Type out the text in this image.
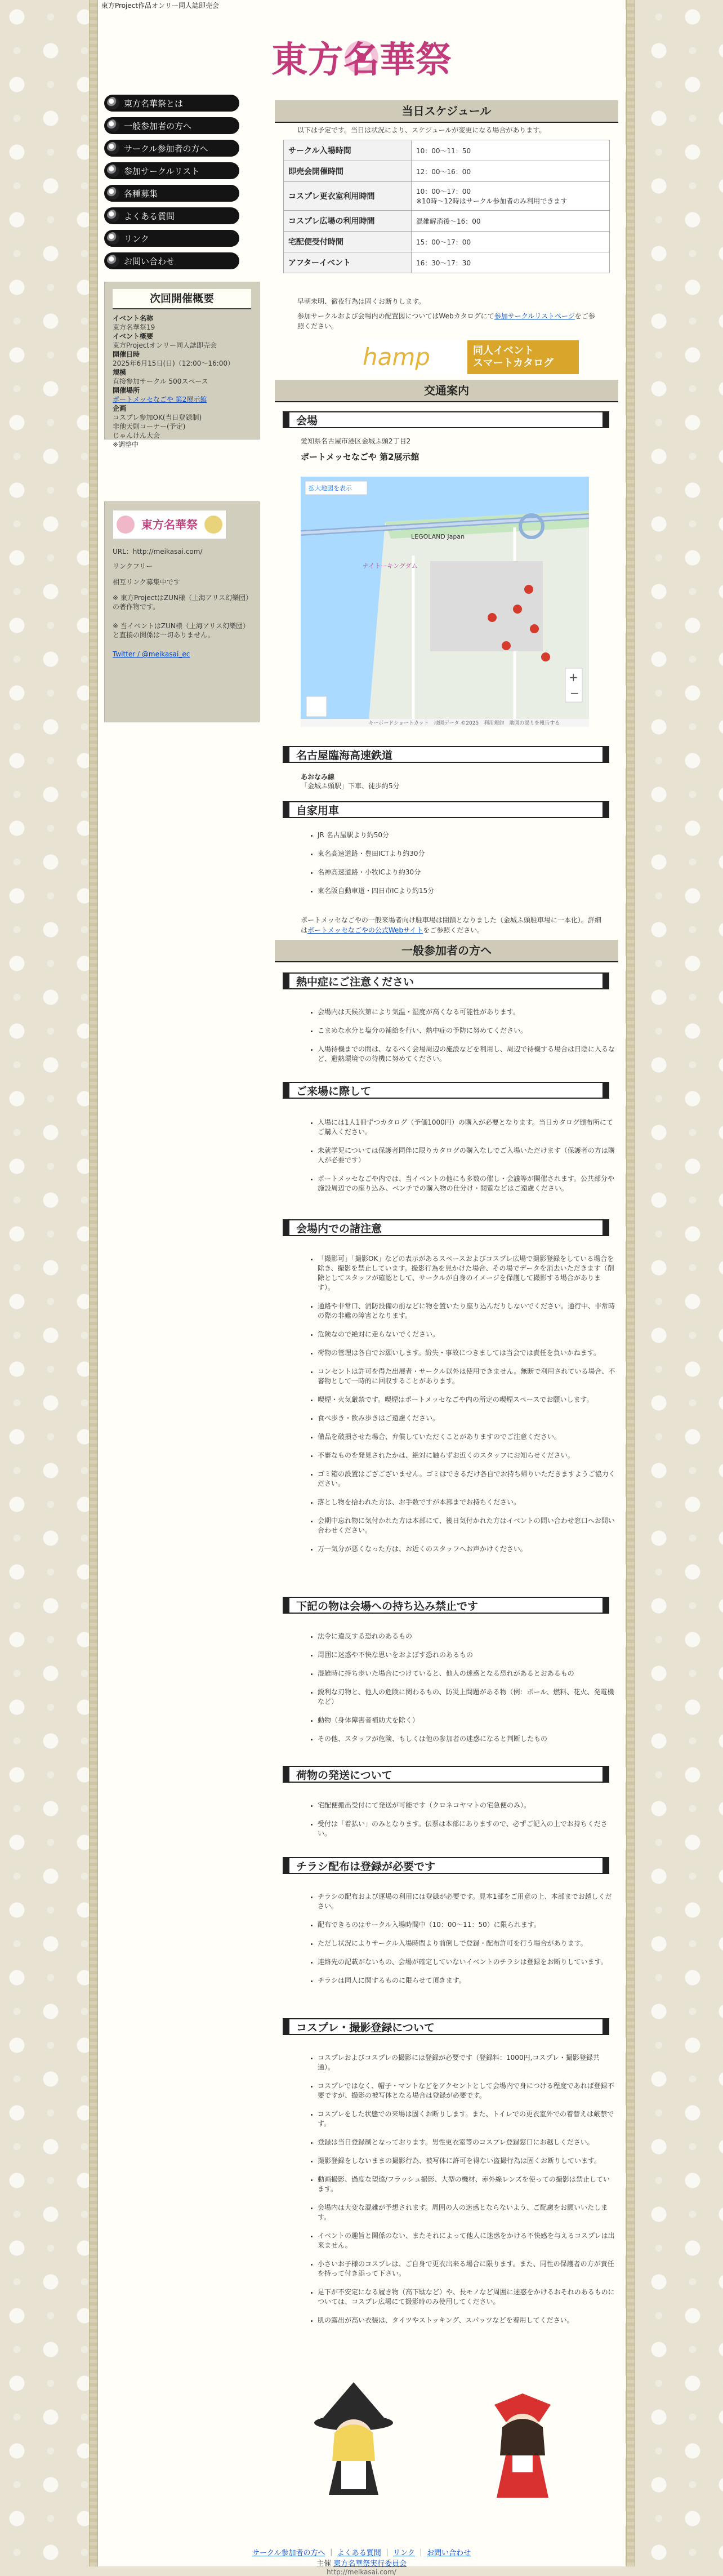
東方Project作品オンリー同人誌即売会
東方名華祭
東方名華祭とは
一般参加者の方へ
サークル参加者の方へ
参加サークルリスト
各種募集
よくある質問
リンク
お問い合わせ
次回開催概要
イベント名称
東方名華祭19
イベント概要
東方Projectオンリー同人誌即売会
開催日時
2025年6月15日(日)（12:00〜16:00）
規模
直接参加サークル 500スペース
開催場所
ポートメッセなごや 第2展示館
企画
コスプレ参加OK(当日登録制)
非他天則コーナー(予定)
じゃんけん大会
※調整中
東方名華祭

URL：http://meikasai.com/

リンクフリー

相互リンク募集中です

※ 東方ProjectはZUN様（上海アリス幻樂団）の著作物です。

※ 当イベントはZUN様（上海アリス幻樂団）と直接の関係は一切ありません。

Twitter / @meikasai_ec

当日スケジュール
以下は予定です。当日は状況により、スケジュールが変更になる場合があります。
サークル入場時間	10：00〜11：50
即売会開催時間	12：00〜16：00
コスプレ更衣室利用時間	10：00〜17：00
※10時〜12時はサークル参加者のみ利用できます
コスプレ広場の利用時間	混雑解消後〜16：00
宅配便受付時間	15：00〜17：00
アフターイベント	16：30〜17：30
早朝未明、徹夜行為は固くお断りします。
参加サークルおよび会場内の配置図についてはWebカタログにて参加サークルリストページをご参照ください。
hamp	同人イベント
スマートカタログ
交通案内
会場
愛知県名古屋市港区金城ふ頭2丁目2
ポートメッセなごや 第2展示館
拡大地図を表示
LEGOLAND Japan
ナイトーキングダム
+
−
キーボードショートカット　地図データ ©2025　利用規約　地図の誤りを報告する
名古屋臨海高速鉄道
あおなみ線
「金城ふ頭駅」下車、徒歩約5分
自家用車
• JR 名古屋駅より約50分
• 東名高速道路・豊田ICTより約30分
• 名神高速道路・小牧ICより約30分
• 東名阪自動車道・四日市ICより約15分
ポートメッセなごやの一般来場者向け駐車場は閉鎖となりました（金城ふ頭駐車場に一本化）。詳細はポートメッセなごやの公式Webサイトをご参照ください。
一般参加者の方へ
熱中症にご注意ください
• 会場内は天候次第により気温・湿度が高くなる可能性があります。
• こまめな水分と塩分の補給を行い、熱中症の予防に努めてください。
• 入場待機までの間は、なるべく会場周辺の施設などを利用し、周辺で待機する場合は日陰に入るなど、避熱環境での待機に努めてください。
ご来場に際して
• 入場には1人1冊ずつカタログ（予価1000円）の購入が必要となります。当日カタログ頒布所にてご購入ください。
• 未就学児については保護者同伴に限りカタログの購入なしでご入場いただけます（保護者の方は購入が必要です）
• ポートメッセなごや内では、当イベントの他にも多数の催し・会議等が開催されます。公共部分や施設周辺での座り込み、ベンチでの購入物の仕分け・閲覧などはご遠慮ください。
会場内での諸注意
• 「撮影可」「撮影OK」などの表示があるスペースおよびコスプレ広場で撮影登録をしている場合を除き、撮影を禁止しています。撮影行為を見かけた場合、その場でデータを消去いただきます（削除としてスタッフが確認として、サークルが自身のイメージを保護して撮影する場合があります）。
• 通路や非常口、消防設備の前などに物を置いたり座り込んだりしないでください。通行中、非常時の際の非難の障害となります。
• 危険なので絶対に走らないでください。
• 荷物の管理は各自でお願いします。紛失・事故につきましては当会では責任を負いかねます。
• コンセントは許可を得た出展者・サークル以外は使用できません。無断で利用されている場合、不審物として一時的に回収することがあります。
• 喫煙・火気厳禁です。喫煙はポートメッセなごや内の所定の喫煙スペースでお願いします。
• 食べ歩き・飲み歩きはご遠慮ください。
• 備品を破損させた場合、弁償していただくことがありますのでご注意ください。
• 不審なものを発見されたかは、絶対に触らずお近くのスタッフにお知らせください。
• ゴミ箱の設置はござございません。ゴミはできるだけ各自でお持ち帰りいただきますようご協力ください。
• 落とし物を拾われた方は、お手数ですが本部までお持ちください。
• 会期中忘れ物に気付かれた方は本部にて、後日気付かれた方はイベントの問い合わせ窓口へお問い合わせください。
• 万一気分が悪くなった方は、お近くのスタッフへお声かけください。
下記の物は会場への持ち込み禁止です
• 法令に違反する恐れのあるもの
• 周囲に迷惑や不快な思いをおよぼす恐れのあるもの
• 混雑時に持ち歩いた場合につけていると、他人の迷惑となる恐れがあるとおあるもの
• 鋭利な刃物と、他人の危険に関わるもの、防災上問題がある物（例：ボール、燃料、花火、発電機など）
• 動物（身体障害者補助犬を除く）
• その他、スタッフが危険、もしくは他の参加者の迷惑になると判断したもの
荷物の発送について
• 宅配便搬出受付にて発送が可能です（クロネコヤマトの宅急便のみ）。
• 受付は「着払い」のみとなります。伝票は本部にありますので、必ずご記入の上でお持ちください。
チラシ配布は登録が必要です
• チラシの配布および運場の利用には登録が必要です。見本1部をご用意の上、本部までお越しください。
• 配布できるのはサークル入場時間中（10：00〜11：50）に限られます。
• ただし状況によりサークル入場時間より前倒しで登録・配布許可を行う場合があります。
• 連絡先の記載がないもの、会場が確定していないイベントのチラシは登録をお断りしています。
• チラシは同人に関するものに限らせて頂きます。
コスプレ・撮影登録について
• コスプレおよびコスプレの撮影には登録が必要です（登録料：1000円,コスプレ・撮影登録共通）。
• コスプレではなく、帽子・マントなどをアクセントとして会場内で身につける程度であれば登録不要ですが、撮影の被写体となる場合は登録が必要です。
• コスプレをした状態での来場は固くお断りします。また、トイレでの更衣室外での着替えは厳禁です。
• 登録は当日登録制となっております。男性更衣室等のコスプレ登録窓口にお越しください。
• 撮影登録をしないままの撮影行為、被写体に許可を得ない盗撮行為は固くお断りしています。
• 動画撮影、過度な望遠/フラッシュ撮影、大型の機材、赤外線レンズを使っての撮影は禁止しています。
• 会場内は大変な混雑が予想されます。周囲の人の迷惑とならないよう、ご配慮をお願いいたします。
• イベントの趣旨と関係のない、またそれによって他人に迷惑をかける不快感を与えるコスプレは出来ません。
• 小さいお子様のコスプレは、ご自身で更衣出来る場合に限ります。また、同性の保護者の方が責任を持って付き添って下さい。
• 足下が不安定になる履き物（高下駄など）や、長モノなど周囲に迷惑をかけるおそれのあるものについては、コスプレ広場にて撮影時のみ使用してください。
• 肌の露出が高い衣装は、タイツやストッキング、スパッツなどを着用してください。
サークル参加者の方へ ｜ よくある質問 ｜ リンク ｜ お問い合わせ
主催 東方名華祭実行委員会
http://meikasai.com/
